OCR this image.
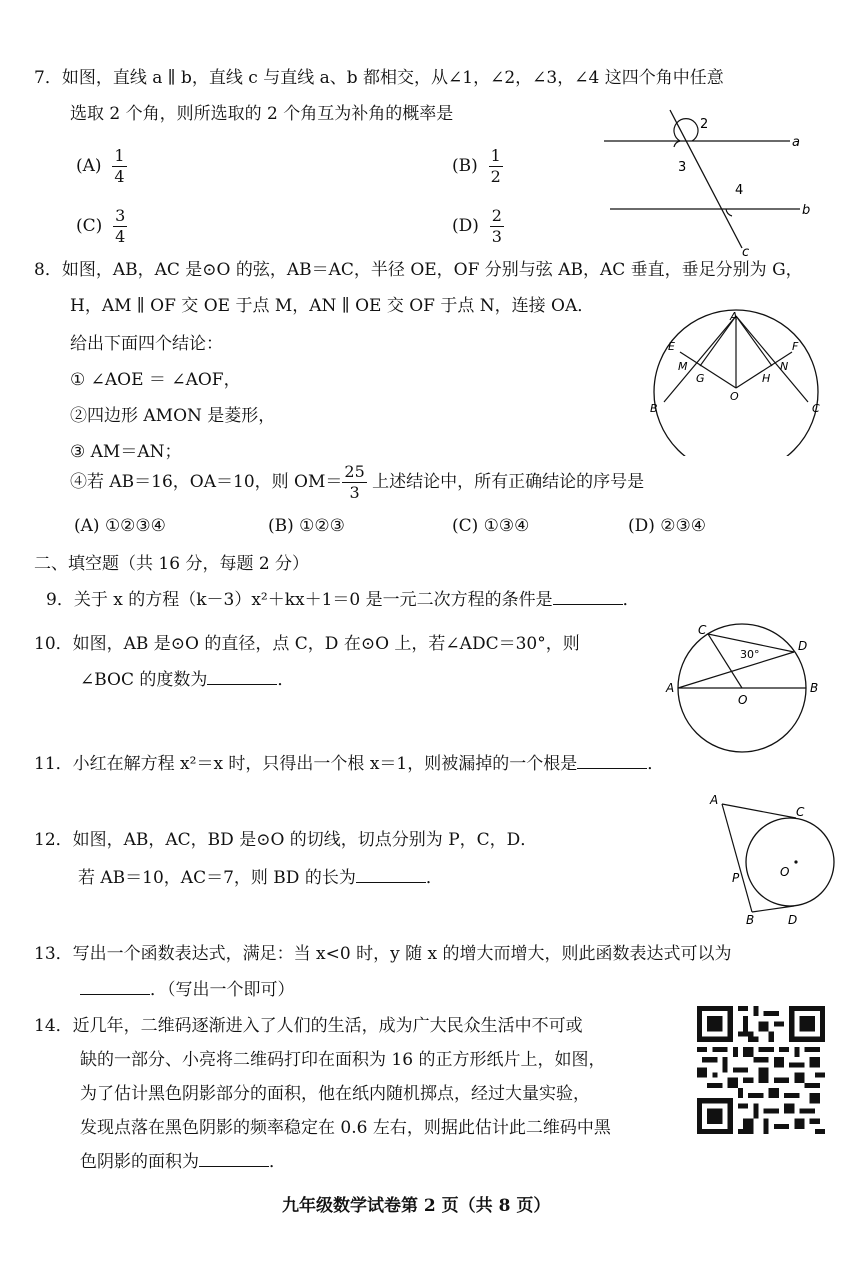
7．如图，直线 a ∥ b，直线 c 与直线 a、b 都相交，从∠1，∠2，∠3，∠4 这四个角中任意
选取 2 个角，则所选取的 2 个角互为补角的概率是
$(A) \frac{1}{4}$	$(B) \frac{1}{2}$
$(C) \frac{3}{4}$	$(D) \frac{2}{3}$
2
3
4
a
b
c
8．如图，AB，AC 是⊙O 的弦，AB＝AC，半径 OE，OF 分别与弦 AB，AC 垂直，垂足分别为 G，
H，AM ∥ OF 交 OE 于点 M，AN ∥ OE 交 OF 于点 N，连接 OA．
给出下面四个结论：
① ∠AOE ＝ ∠AOF，
②四边形 AMON 是菱形，
③ AM＝AN；
④若 AB＝16，OA＝10，则 $OM= \frac{25}{3}$ 上述结论中，所有正确结论的序号是
(A) ①②③④	(B) ①②③	(C) ①③④	(D) ②③④
A
B	C
E	F
M	N
G	H
O
二、填空题（共 16 分，每题 2 分）
9．关于 x 的方程（k－3）x²＋kx＋1＝0 是一元二次方程的条件是	．
10．如图，AB 是⊙O 的直径，点 C，D 在⊙O 上，若∠ADC＝30°，则
∠BOC 的度数为	．
30°
A	B
C
D
O
11．小红在解方程 x²＝x 时，只得出一个根 x＝1，则被漏掉的一个根是	．
12．如图，AB，AC，BD 是⊙O 的切线，切点分别为 P，C，D．
若 AB＝10，AC＝7，则 BD 的长为	．
A
C
O
P
B	D
13．写出一个函数表达式，满足：当 x<0 时，y 随 x 的增大而增大，则此函数表达式可以为
．（写出一个即可）
14．近几年，二维码逐渐进入了人们的生活，成为广大民众生活中不可或
缺的一部分、小亮将二维码打印在面积为 16 的正方形纸片上，如图，
为了估计黑色阴影部分的面积，他在纸内随机掷点，经过大量实验，
发现点落在黑色阴影的频率稳定在 0.6 左右，则据此估计此二维码中黑
色阴影的面积为	．
九年级数学试卷第 2 页（共 8 页）
